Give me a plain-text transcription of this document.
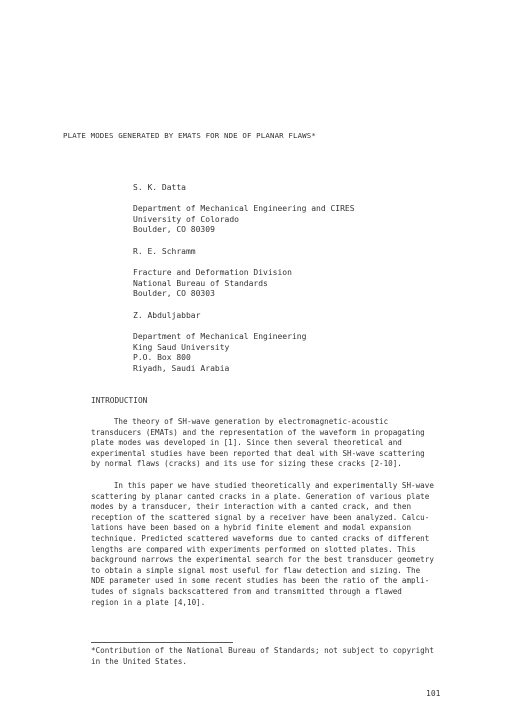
PLATE MODES GENERATED BY EMATS FOR NDE OF PLANAR FLAWS*
S. K. Datta
Department of Mechanical Engineering and CIRES
University of Colorado
Boulder, CO 80309
R. E. Schramm
Fracture and Deformation Division
National Bureau of Standards
Boulder, CO 80303
Z. Abduljabbar
Department of Mechanical Engineering
King Saud University
P.O. Box 800
Riyadh, Saudi Arabia
INTRODUCTION
The theory of SH-wave generation by electromagnetic-acoustic
transducers (EMATs) and the representation of the waveform in propagating
plate modes was developed in [1]. Since then several theoretical and
experimental studies have been reported that deal with SH-wave scattering
by normal flaws (cracks) and its use for sizing these cracks [2-10].
In this paper we have studied theoretically and experimentally SH-wave
scattering by planar canted cracks in a plate. Generation of various plate
modes by a transducer, their interaction with a canted crack, and then
reception of the scattered signal by a receiver have been analyzed. Calcu-
lations have been based on a hybrid finite element and modal expansion
technique. Predicted scattered waveforms due to canted cracks of different
lengths are compared with experiments performed on slotted plates. This
background narrows the experimental search for the best transducer geometry
to obtain a simple signal most useful for flaw detection and sizing. The
NDE parameter used in some recent studies has been the ratio of the ampli-
tudes of signals backscattered from and transmitted through a flawed
region in a plate [4,10].
*Contribution of the National Bureau of Standards; not subject to copyright
in the United States.
101
